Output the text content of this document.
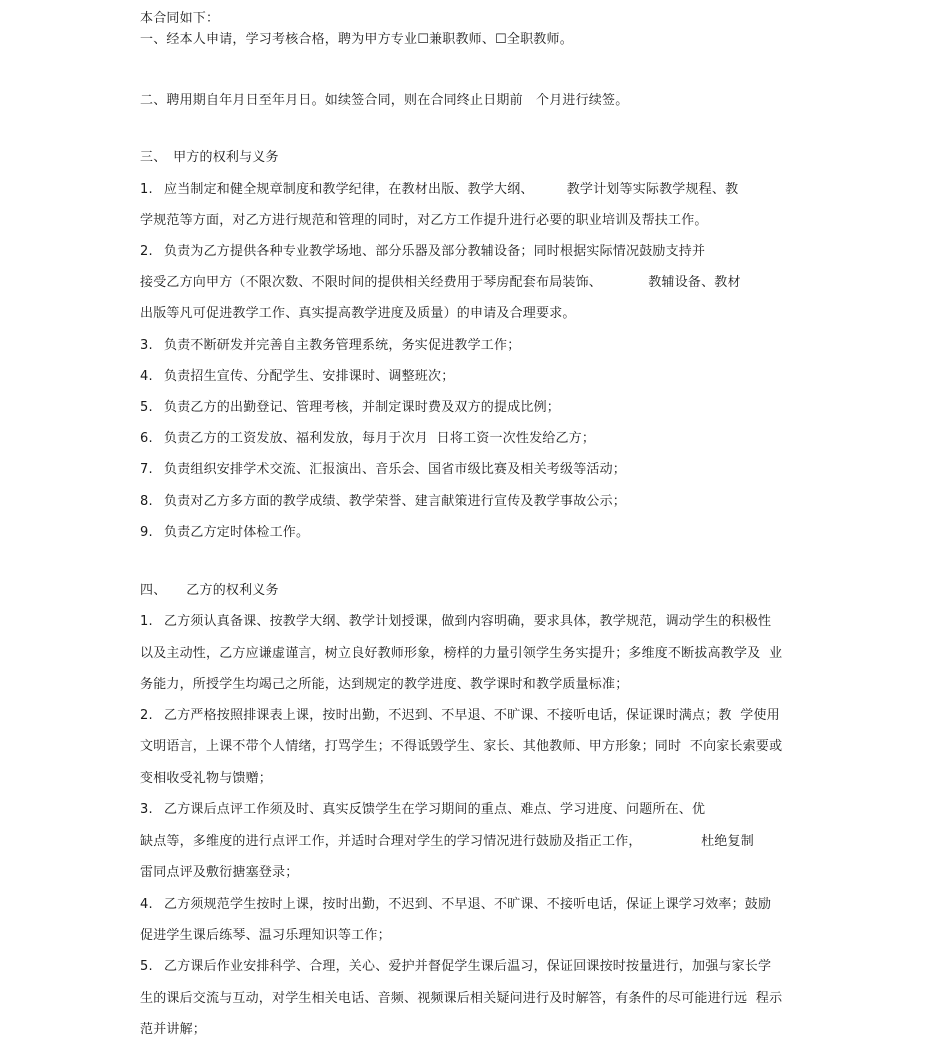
本合同如下：
一、经本人申请，学习考核合格，聘为甲方专业☐兼职教师、☐全职教师。
二、聘用期自年月日至年月日。如续签合同，则在合同终止日期前　个月进行续签。
三、　甲方的权利与义务
1. 应当制定和健全规章制度和教学纪律，在教材出版、教学大纲、　　　教学计划等实际教学规程、教
学规范等方面，对乙方进行规范和管理的同时，对乙方工作提升进行必要的职业培训及帮扶工作。
2. 负责为乙方提供各种专业教学场地、部分乐器及部分教辅设备；同时根据实际情况鼓励支持并
接受乙方向甲方（不限次数、不限时间的提供相关经费用于琴房配套布局装饰、　　　　教辅设备、教材
出版等凡可促进教学工作、真实提高教学进度及质量）的申请及合理要求。
3. 负责不断研发并完善自主教务管理系统，务实促进教学工作；
4. 负责招生宣传、分配学生、安排课时、调整班次；
5. 负责乙方的出勤登记、管理考核，并制定课时费及双方的提成比例；
6. 负责乙方的工资发放、福利发放，每月于次月  日将工资一次性发给乙方；
7. 负责组织安排学术交流、汇报演出、音乐会、国省市级比赛及相关考级等活动；
8. 负责对乙方多方面的教学成绩、教学荣誉、建言献策进行宣传及教学事故公示；
9. 负责乙方定时体检工作。
四、　　乙方的权利义务
1. 乙方须认真备课、按教学大纲、教学计划授课，做到内容明确，要求具体，教学规范，调动学生的积极性
以及主动性，乙方应谦虚谨言，树立良好教师形象，榜样的力量引领学生务实提升；多维度不断拔高教学及  业
务能力，所授学生均竭己之所能，达到规定的教学进度、教学课时和教学质量标准；
2. 乙方严格按照排课表上课，按时出勤，不迟到、不早退、不旷课、不接听电话，保证课时满点；教  学使用
文明语言，上课不带个人情绪，打骂学生；不得诋毁学生、家长、其他教师、甲方形象；同时  不向家长索要或
变相收受礼物与馈赠；
3. 乙方课后点评工作须及时、真实反馈学生在学习期间的重点、难点、学习进度、问题所在、优
缺点等，多维度的进行点评工作，并适时合理对学生的学习情况进行鼓励及指正工作，　　　　　杜绝复制
雷同点评及敷衍搪塞登录；
4. 乙方须规范学生按时上课，按时出勤，不迟到、不早退、不旷课、不接听电话，保证上课学习效率；鼓励
促进学生课后练琴、温习乐理知识等工作；
5. 乙方课后作业安排科学、合理，关心、爱护并督促学生课后温习，保证回课按时按量进行，加强与家长学
生的课后交流与互动，对学生相关电话、音频、视频课后相关疑问进行及时解答，有条件的尽可能进行远  程示
范并讲解；
